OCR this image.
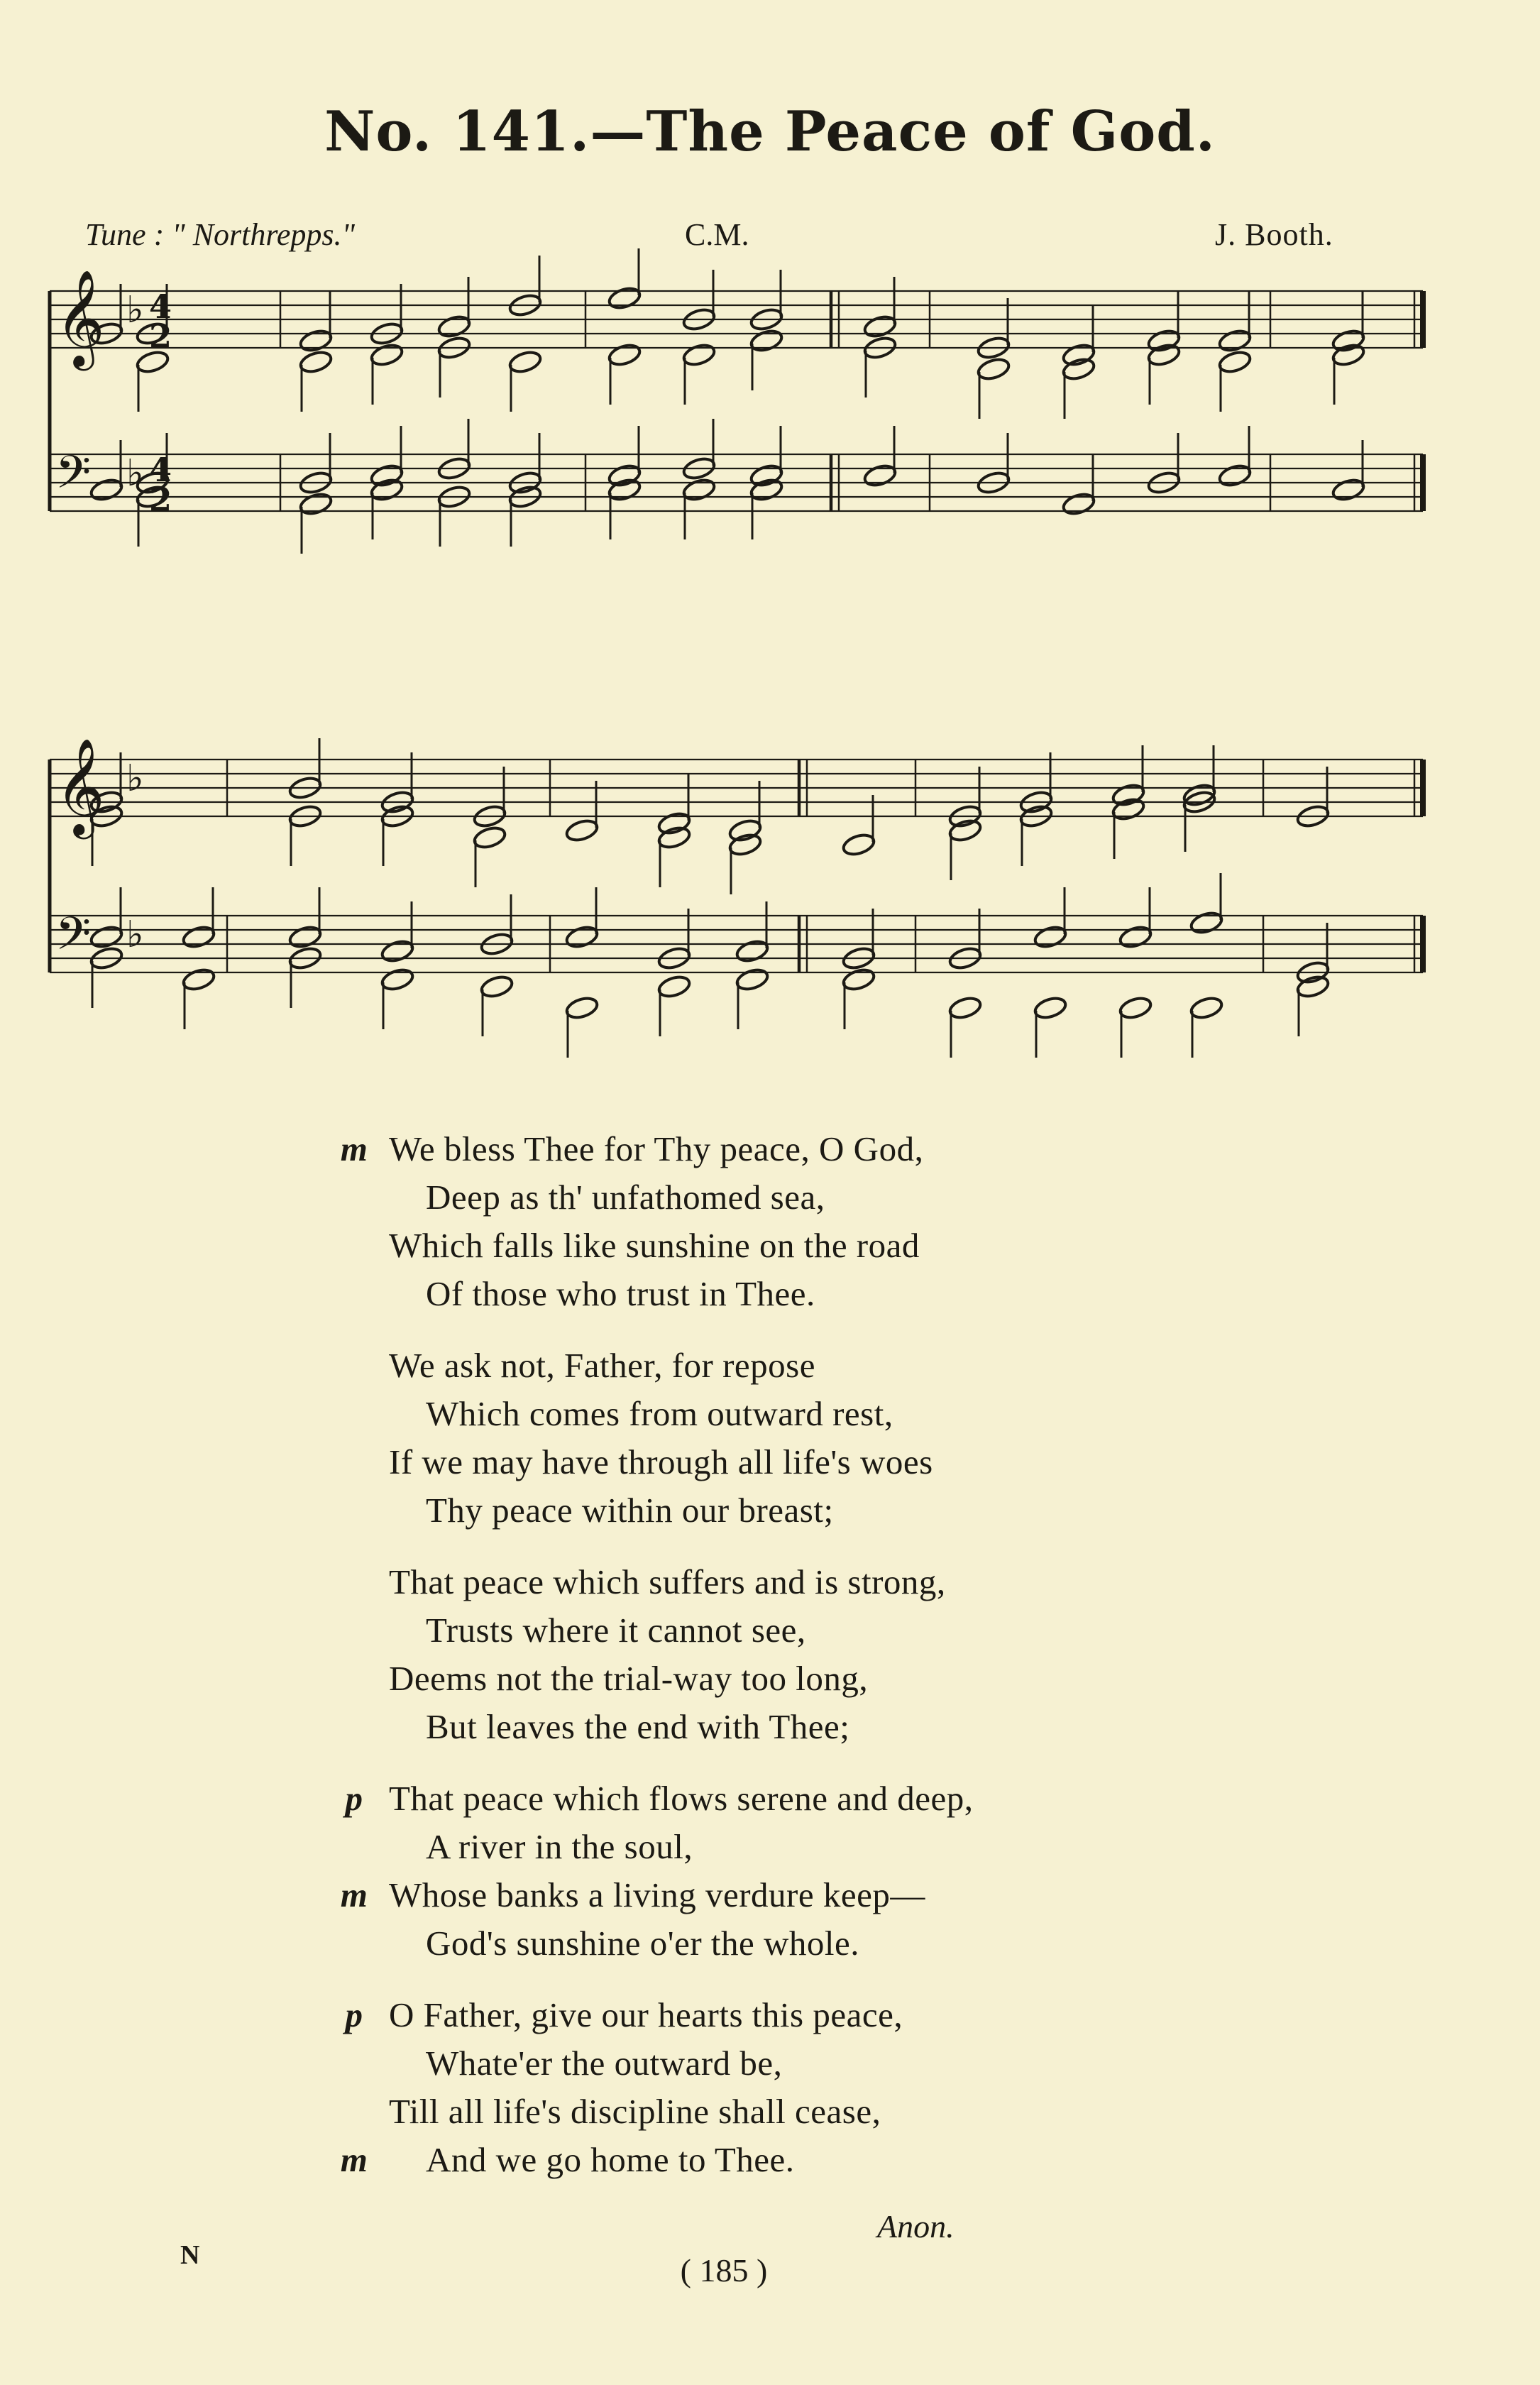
No. 141.—The Peace of God.
Tune : " Northrepps."	C.M.	J. Booth.
𝄞 ♭ 4
2
𝄢 ♭ 4
2
𝄞 ♭
𝄢 ♭
m We bless Thee for Thy peace, O God,
Deep as th' unfathomed sea,
Which falls like sunshine on the road
Of those who trust in Thee.
We ask not, Father, for repose
Which comes from outward rest,
If we may have through all life's woes
Thy peace within our breast;
That peace which suffers and is strong,
Trusts where it cannot see,
Deems not the trial-way too long,
But leaves the end with Thee;
p That peace which flows serene and deep,
A river in the soul,
m Whose banks a living verdure keep—
God's sunshine o'er the whole.
p O Father, give our hearts this peace,
Whate'er the outward be,
Till all life's discipline shall cease,
m And we go home to Thee.
Anon.
N	( 185 )
